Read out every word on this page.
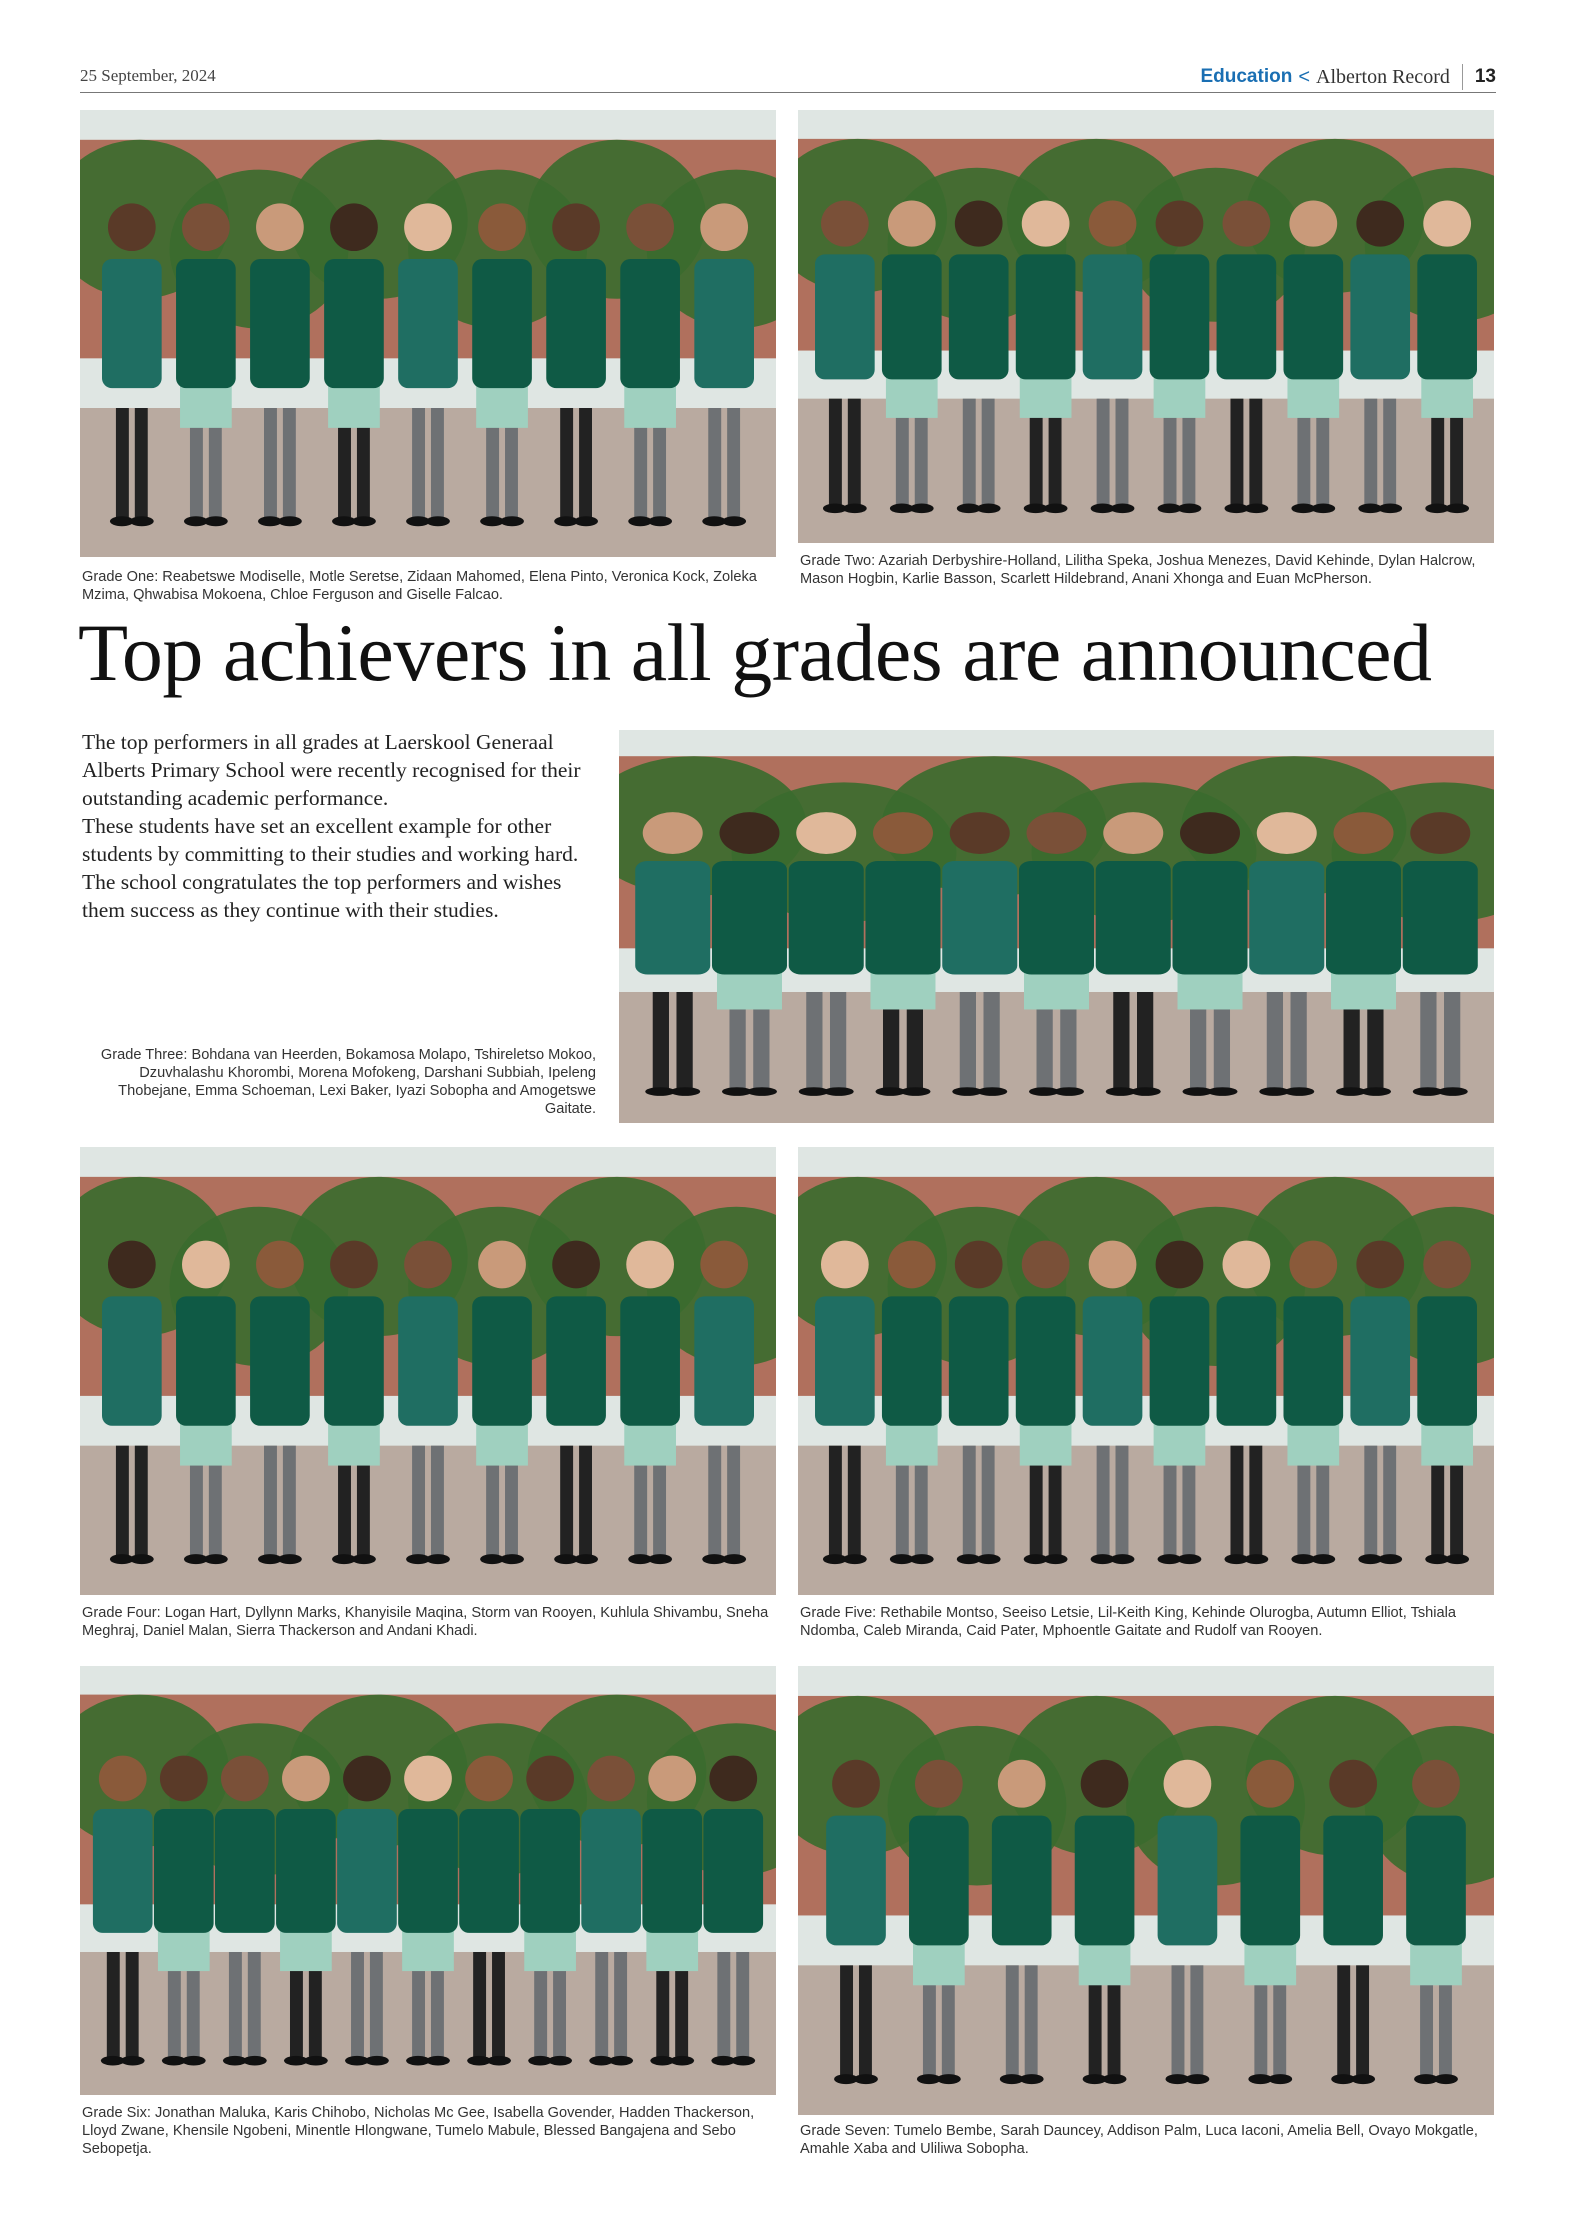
25 September, 2024	Education < Alberton Record 13
Grade One: Reabetswe Modiselle, Motle Seretse, Zidaan Mahomed, Elena Pinto, Veronica Kock, Zoleka Mzima, Qhwabisa Mokoena, Chloe Ferguson and Giselle Falcao.
Grade Two: Azariah Derbyshire-Holland, Lilitha Speka, Joshua Menezes, David Kehinde, Dylan Halcrow, Mason Hogbin, Karlie Basson, Scarlett Hildebrand, Anani Xhonga and Euan McPherson.
Top achievers in all grades are announced

The top performers in all grades at Laerskool Generaal Alberts Primary School were recently recognised for their outstanding academic performance.

These students have set an excellent example for other students by committing to their studies and working hard.

The school congratulates the top performers and wishes them success as they continue with their studies.

Grade Three: Bohdana van Heerden, Bokamosa Molapo, Tshireletso Mokoo, Dzuvhalashu Khorombi, Morena Mofokeng, Darshani Subbiah, Ipeleng Thobejane, Emma Schoeman, Lexi Baker, Iyazi Sobopha and Amogetswe Gaitate.
Grade Four: Logan Hart, Dyllynn Marks, Khanyisile Maqina, Storm van Rooyen, Kuhlula Shivambu, Sneha Meghraj, Daniel Malan, Sierra Thackerson and Andani Khadi.
Grade Five: Rethabile Montso, Seeiso Letsie, Lil-Keith King, Kehinde Olurogba, Autumn Elliot, Tshiala Ndomba, Caleb Miranda, Caid Pater, Mphoentle Gaitate and Rudolf van Rooyen.
Grade Six: Jonathan Maluka, Karis Chihobo, Nicholas Mc Gee, Isabella Govender, Hadden Thackerson, Lloyd Zwane, Khensile Ngobeni, Minentle Hlongwane, Tumelo Mabule, Blessed Bangajena and Sebo Sebopetja.
Grade Seven: Tumelo Bembe, Sarah Dauncey, Addison Palm, Luca Iaconi, Amelia Bell, Ovayo Mokgatle, Amahle Xaba and Uliliwa Sobopha.
